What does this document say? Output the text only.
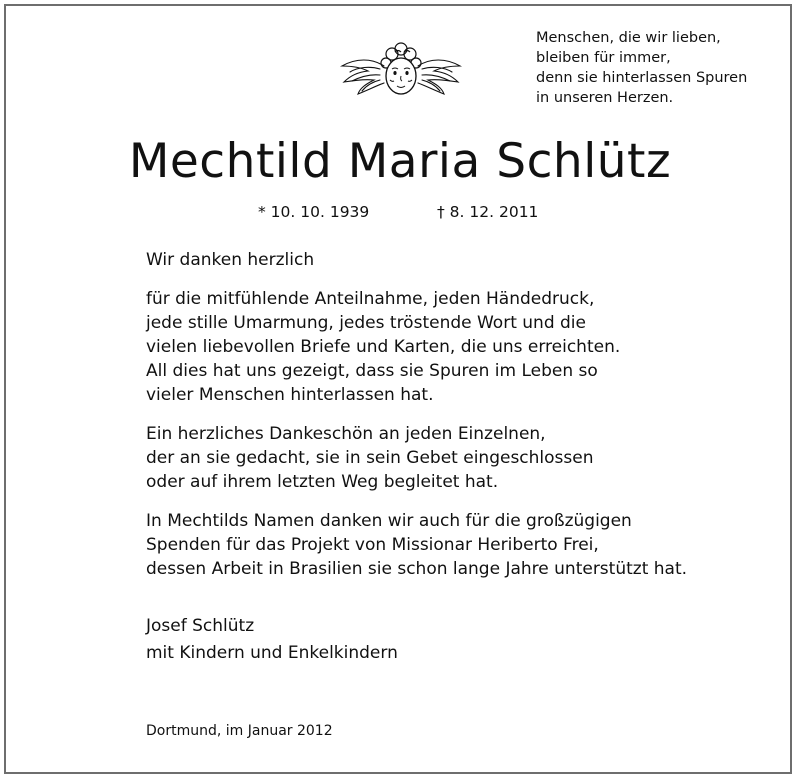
Menschen, die wir lieben,
bleiben für immer,
denn sie hinterlassen Spuren
in unseren Herzen.
Mechtild Maria Schlütz
* 10. 10. 1939	† 8. 12. 2011
Wir danken herzlich
für die mitfühlende Anteilnahme, jeden Händedruck,
jede stille Umarmung, jedes tröstende Wort und die
vielen liebevollen Briefe und Karten, die uns erreichten.
All dies hat uns gezeigt, dass sie Spuren im Leben so
vieler Menschen hinterlassen hat.
Ein herzliches Dankeschön an jeden Einzelnen,
der an sie gedacht, sie in sein Gebet eingeschlossen
oder auf ihrem letzten Weg begleitet hat.
In Mechtilds Namen danken wir auch für die großzügigen
Spenden für das Projekt von Missionar Heriberto Frei,
dessen Arbeit in Brasilien sie schon lange Jahre unterstützt hat.
Josef Schlütz
mit Kindern und Enkelkindern
Dortmund, im Januar 2012
